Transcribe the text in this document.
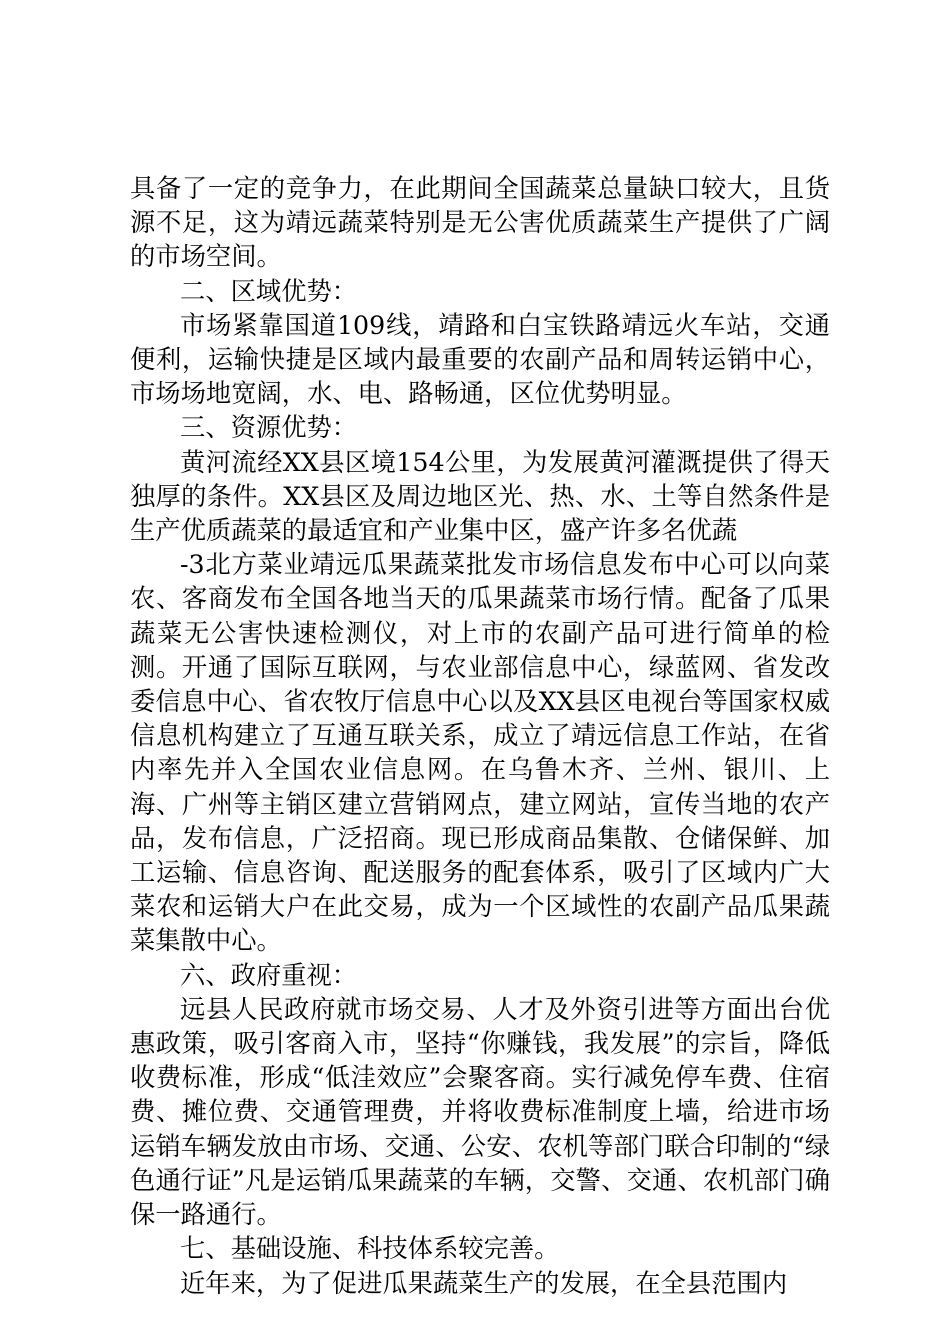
具备了一定的竞争力，在此期间全国蔬菜总量缺口较大，且货源不足，这为靖远蔬菜特别是无公害优质蔬菜生产提供了广阔的市场空间。

二、区域优势：

市场紧靠国道109线，靖路和白宝铁路靖远火车站，交通便利，运输快捷是区域内最重要的农副产品和周转运销中心，市场场地宽阔，水、电、路畅通，区位优势明显。

三、资源优势：

黄河流经XX县区境154公里，为发展黄河灌溉提供了得天独厚的条件。XX县区及周边地区光、热、水、土等自然条件是生产优质蔬菜的最适宜和产业集中区，盛产许多名优蔬

-3北方菜业靖远瓜果蔬菜批发市场信息发布中心可以向菜农、客商发布全国各地当天的瓜果蔬菜市场行情。配备了瓜果蔬菜无公害快速检测仪，对上市的农副产品可进行简单的检测。开通了国际互联网，与农业部信息中心，绿蓝网、省发改委信息中心、省农牧厅信息中心以及XX县区电视台等国家权威信息机构建立了互通互联关系，成立了靖远信息工作站，在省内率先并入全国农业信息网。在乌鲁木齐、兰州、银川、上海、广州等主销区建立营销网点，建立网站，宣传当地的农产品，发布信息，广泛招商。现已形成商品集散、仓储保鲜、加工运输、信息咨询、配送服务的配套体系，吸引了区域内广大菜农和运销大户在此交易，成为一个区域性的农副产品瓜果蔬菜集散中心。

六、政府重视：

远县人民政府就市场交易、人才及外资引进等方面出台优惠政策，吸引客商入市，坚持“你赚钱，我发展”的宗旨，降低收费标准，形成“低洼效应”会聚客商。实行减免停车费、住宿费、摊位费、交通管理费，并将收费标准制度上墙，给进市场运销车辆发放由市场、交通、公安、农机等部门联合印制的“绿色通行证”凡是运销瓜果蔬菜的车辆，交警、交通、农机部门确保一路通行。

七、基础设施、科技体系较完善。

近年来，为了促进瓜果蔬菜生产的发展，在全县范围内
